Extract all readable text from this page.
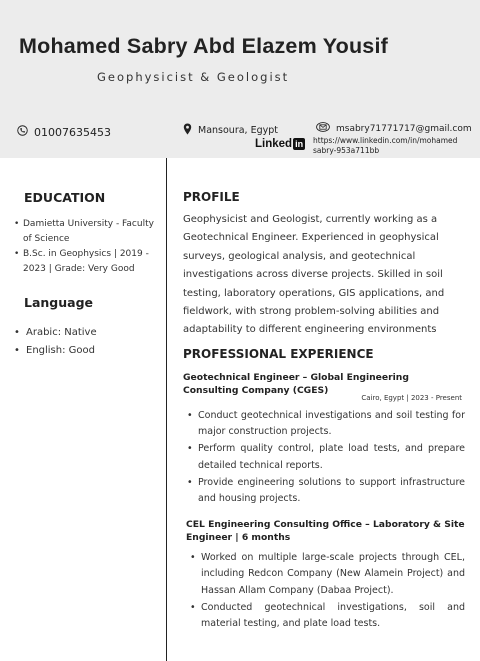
Mohamed Sabry Abd Elazem Yousif
Geophysicist & Geologist
01007635453	Mansoura, Egypt	msabry71771717@gmail.com
Linked in https://www.linkedin.com/in/mohamed
sabry-953a711bb
EDUCATION
• Damietta University - Faculty of Science
• B.Sc. in Geophysics | 2019 - 2023 | Grade: Very Good
Language
• Arabic: Native
• English: Good
PROFILE
Geophysicist and Geologist, currently working as a Geotechnical Engineer. Experienced in geophysical surveys, geological analysis, and geotechnical investigations across diverse projects. Skilled in soil testing, laboratory operations, GIS applications, and fieldwork, with strong problem-solving abilities and adaptability to different engineering environments
PROFESSIONAL EXPERIENCE
Geotechnical Engineer – Global Engineering Consulting Company (CGES)
Cairo, Egypt | 2023 - Present
• Conduct geotechnical investigations and soil testing for major construction projects.
• Perform quality control, plate load tests, and prepare detailed technical reports.
• Provide engineering solutions to support infrastructure and housing projects.
CEL Engineering Consulting Office – Laboratory & Site Engineer | 6 months
• Worked on multiple large-scale projects through CEL, including Redcon Company (New Alamein Project) and Hassan Allam Company (Dabaa Project).
• Conducted geotechnical investigations, soil and material testing, and plate load tests.
